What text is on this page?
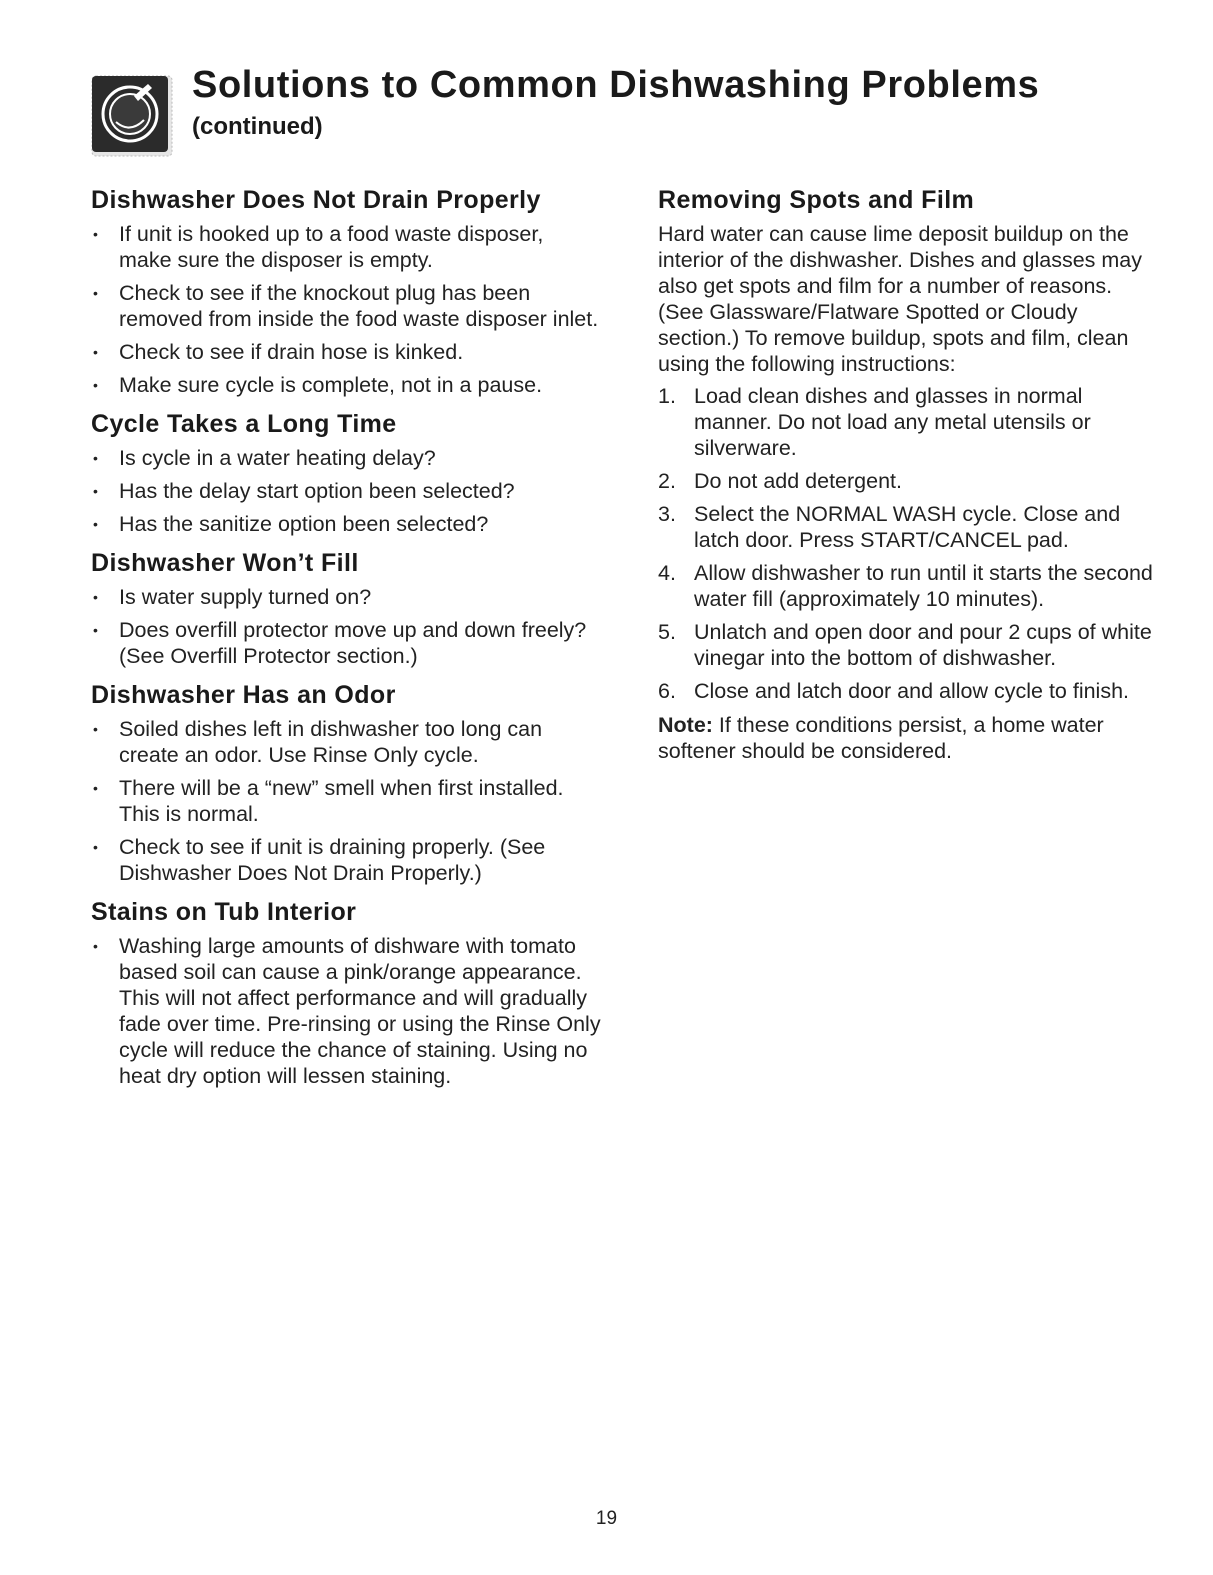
Solutions to Common Dishwashing Problems
(continued)
Dishwasher Does Not Drain Properly
• If unit is hooked up to a food waste disposer, make sure the disposer is empty.
• Check to see if the knockout plug has been removed from inside the food waste disposer inlet.
• Check to see if drain hose is kinked.
• Make sure cycle is complete, not in a pause.
Cycle Takes a Long Time
• Is cycle in a water heating delay?
• Has the delay start option been selected?
• Has the sanitize option been selected?
Dishwasher Won’t Fill
• Is water supply turned on?
• Does overfill protector move up and down freely? (See Overfill Protector section.)
Dishwasher Has an Odor
• Soiled dishes left in dishwasher too long can create an odor. Use Rinse Only cycle.
• There will be a “new” smell when first installed. This is normal.
• Check to see if unit is draining properly. (See Dishwasher Does Not Drain Properly.)
Stains on Tub Interior
• Washing large amounts of dishware with tomato based soil can cause a pink/orange appearance. This will not affect performance and will gradually fade over time. Pre-rinsing or using the Rinse Only cycle will reduce the chance of staining. Using no heat dry option will lessen staining.
Removing Spots and Film

Hard water can cause lime deposit buildup on the interior of the dishwasher. Dishes and glasses may also get spots and film for a number of reasons. (See Glassware/Flatware Spotted or Cloudy section.) To remove buildup, spots and film, clean using the following instructions:

1. Load clean dishes and glasses in normal manner. Do not load any metal utensils or silverware.
2. Do not add detergent.
3. Select the NORMAL WASH cycle. Close and latch door. Press START/CANCEL pad.
4. Allow dishwasher to run until it starts the second water fill (approximately 10 minutes).
5. Unlatch and open door and pour 2 cups of white vinegar into the bottom of dishwasher.
6. Close and latch door and allow cycle to finish.

Note: If these conditions persist, a home water softener should be considered.

19
